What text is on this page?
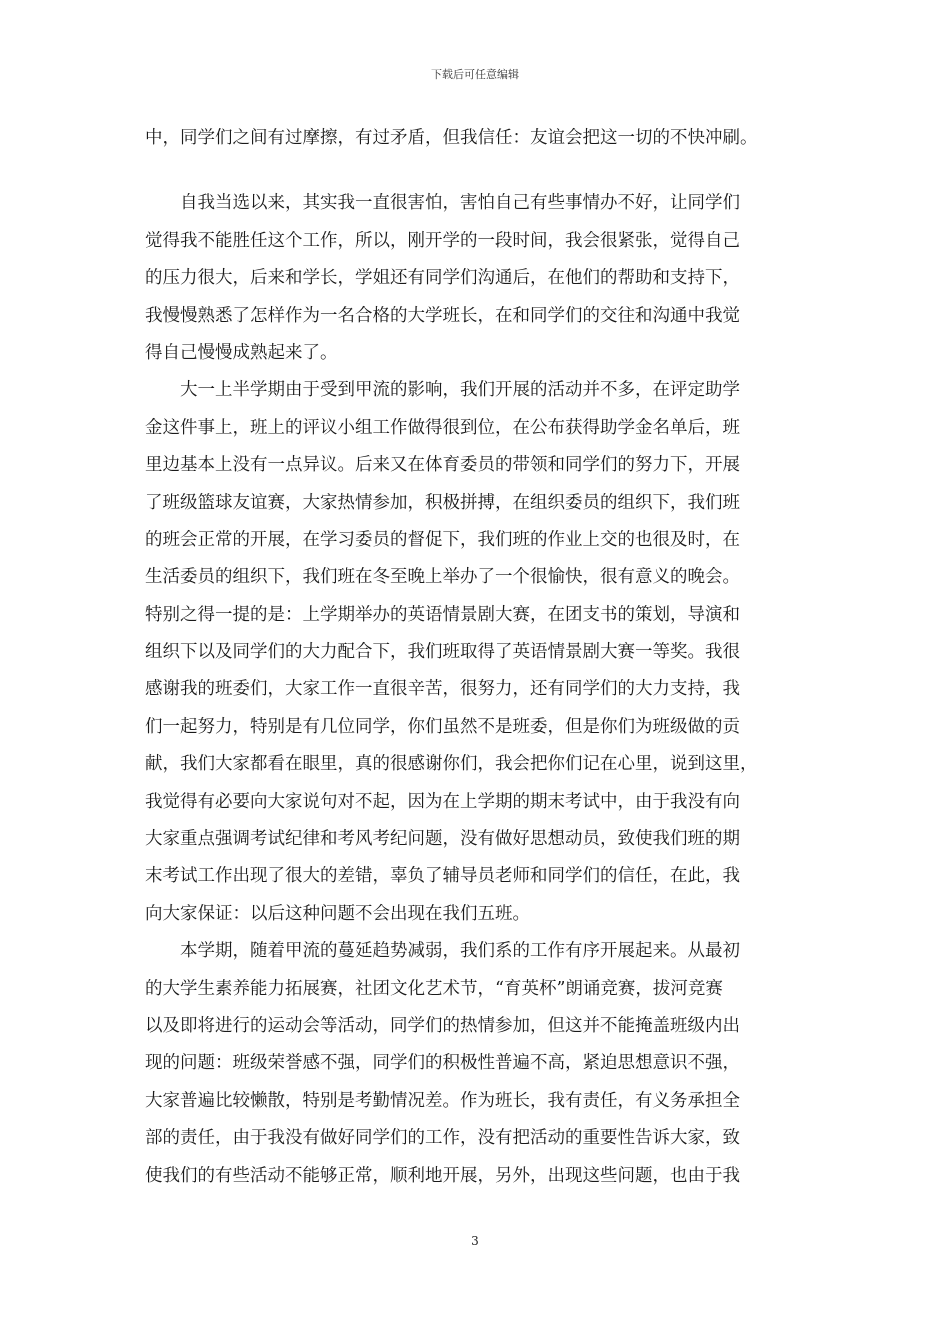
下载后可任意编辑
中，同学们之间有过摩擦，有过矛盾，但我信任：友谊会把这一切的不快冲刷。
　　自我当选以来，其实我一直很害怕，害怕自己有些事情办不好，让同学们
觉得我不能胜任这个工作，所以，刚开学的一段时间，我会很紧张，觉得自己
的压力很大，后来和学长，学姐还有同学们沟通后，在他们的帮助和支持下，
我慢慢熟悉了怎样作为一名合格的大学班长，在和同学们的交往和沟通中我觉
得自己慢慢成熟起来了。
　　大一上半学期由于受到甲流的影响，我们开展的活动并不多，在评定助学
金这件事上，班上的评议小组工作做得很到位，在公布获得助学金名单后，班
里边基本上没有一点异议。后来又在体育委员的带领和同学们的努力下，开展
了班级篮球友谊赛，大家热情参加，积极拼搏，在组织委员的组织下，我们班
的班会正常的开展，在学习委员的督促下，我们班的作业上交的也很及时，在
生活委员的组织下，我们班在冬至晚上举办了一个很愉快，很有意义的晚会。
特别之得一提的是：上学期举办的英语情景剧大赛，在团支书的策划，导演和
组织下以及同学们的大力配合下，我们班取得了英语情景剧大赛一等奖。我很
感谢我的班委们，大家工作一直很辛苦，很努力，还有同学们的大力支持，我
们一起努力，特别是有几位同学，你们虽然不是班委，但是你们为班级做的贡
献，我们大家都看在眼里，真的很感谢你们，我会把你们记在心里，说到这里，
我觉得有必要向大家说句对不起，因为在上学期的期末考试中，由于我没有向
大家重点强调考试纪律和考风考纪问题，没有做好思想动员，致使我们班的期
末考试工作出现了很大的差错，辜负了辅导员老师和同学们的信任，在此，我
向大家保证：以后这种问题不会出现在我们五班。
　　本学期，随着甲流的蔓延趋势减弱，我们系的工作有序开展起来。从最初
的大学生素养能力拓展赛，社团文化艺术节，“育英杯”朗诵竞赛，拔河竞赛
以及即将进行的运动会等活动，同学们的热情参加，但这并不能掩盖班级内出
现的问题：班级荣誉感不强，同学们的积极性普遍不高，紧迫思想意识不强，
大家普遍比较懒散，特别是考勤情况差。作为班长，我有责任，有义务承担全
部的责任，由于我没有做好同学们的工作，没有把活动的重要性告诉大家，致
使我们的有些活动不能够正常，顺利地开展，另外，出现这些问题，也由于我
3
